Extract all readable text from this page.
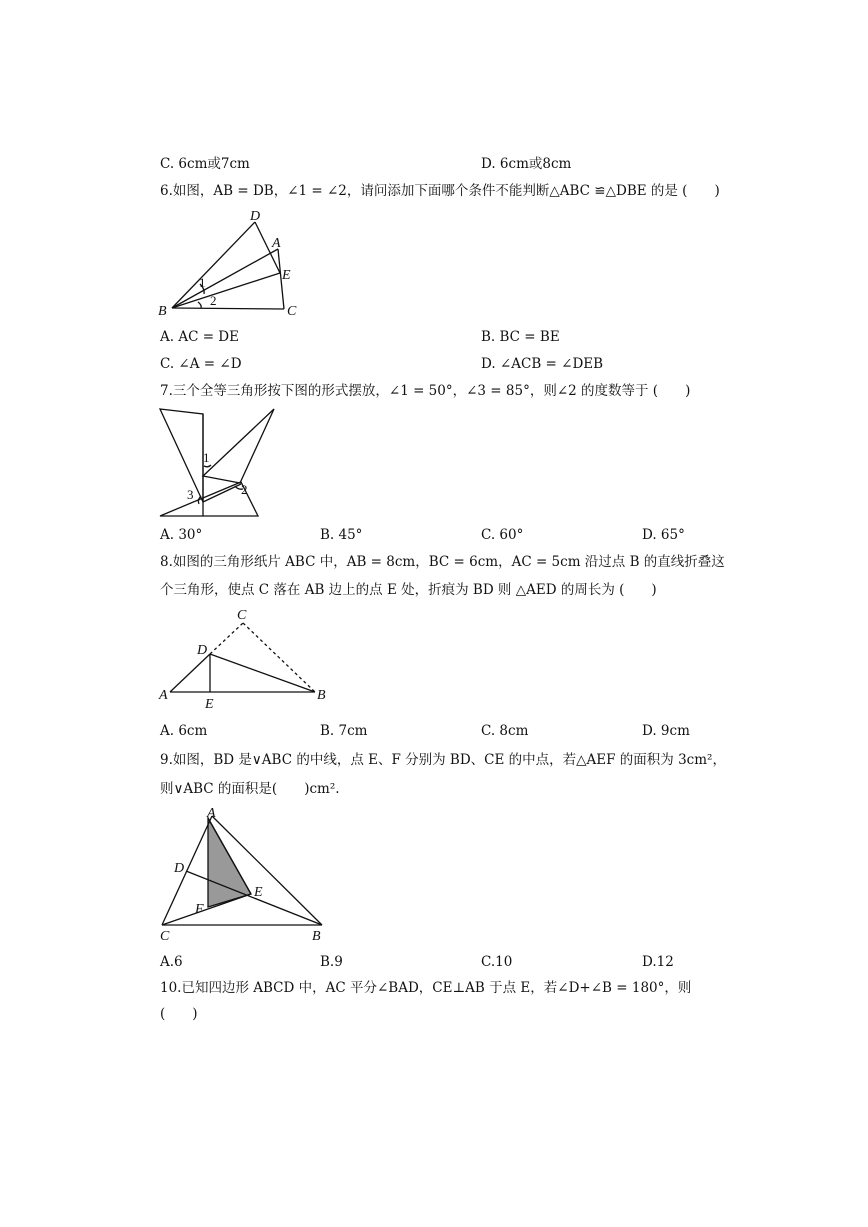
C. 6cm或7cm	D. 6cm或8cm
6.如图，AB = DB，∠1 = ∠2，请问添加下面哪个条件不能判断△ABC ≌△DBE 的是 (　　)
D
A
E
B	C
1
2
A. AC = DE	B. BC = BE
C. ∠A = ∠D	D. ∠ACB = ∠DEB
7.三个全等三角形按下图的形式摆放，∠1 = 50°，∠3 = 85°，则∠2 的度数等于 (　　)
1
2
3
A. 30°	B. 45°	C. 60°	D. 65°
8.如图的三角形纸片 ABC 中，AB = 8cm，BC = 6cm，AC = 5cm 沿过点 B 的直线折叠这
个三角形，使点 C 落在 AB 边上的点 E 处，折痕为 BD 则 △AED 的周长为 (　　)
C
D
A
E
B
A. 6cm	B. 7cm	C. 8cm	D. 9cm
9.如图，BD 是∨ABC 的中线，点 E、F 分别为 BD、CE 的中点，若△AEF 的面积为 3cm²，
则∨ABC 的面积是(　　)cm².
A
D
E
F
C	B
A.6	B.9	C.10	D.12
10.已知四边形 ABCD 中，AC 平分∠BAD，CE⊥AB 于点 E，若∠D+∠B = 180°，则
(　　)
